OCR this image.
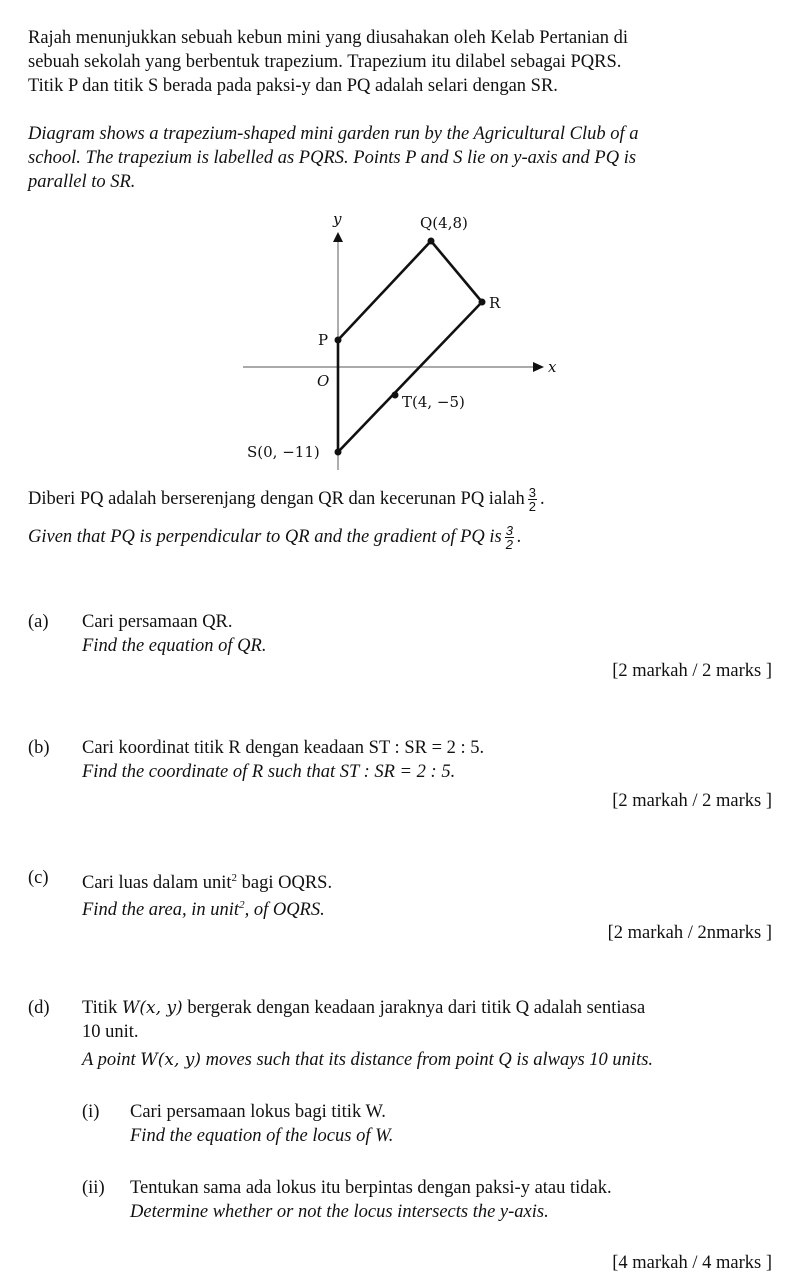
Rajah menunjukkan sebuah kebun mini yang diusahakan oleh Kelab Pertanian di
sebuah sekolah yang berbentuk trapezium. Trapezium itu dilabel sebagai PQRS.
Titik P dan titik S berada pada paksi-y dan PQ adalah selari dengan SR.
Diagram shows a trapezium-shaped mini garden run by the Agricultural Club of a
school. The trapezium is labelled as PQRS. Points P and S lie on y-axis and PQ is
parallel to SR.
y
x
O
P
Q(4,8)
R
T(4, −5)
S(0, −11)
Diberi PQ adalah berserenjang dengan QR dan kecerunan PQ ialah $\frac{3}{2}$ .
Given that PQ is perpendicular to QR and the gradient of PQ is $\frac{3}{2}$ .
(a) Cari persamaan QR.
Find the equation of QR.
[2 markah / 2 marks ]
(b) Cari koordinat titik R dengan keadaan ST : SR = 2 : 5.
Find the coordinate of R such that ST : SR = 2 : 5.
[2 markah / 2 marks ]
(c) Cari luas dalam unit$^2$ bagi OQRS.
Find the area, in unit$^2$, of OQRS.
[2 markah / 2nmarks ]
(d) Titik W(x, y) bergerak dengan keadaan jaraknya dari titik Q adalah sentiasa
10 unit.
A point W(x, y) moves such that its distance from point Q is always 10 units.
(i) Cari persamaan lokus bagi titik W.
Find the equation of the locus of W.
(ii) Tentukan sama ada lokus itu berpintas dengan paksi-y atau tidak.
Determine whether or not the locus intersects the y-axis.
[4 markah / 4 marks ]
